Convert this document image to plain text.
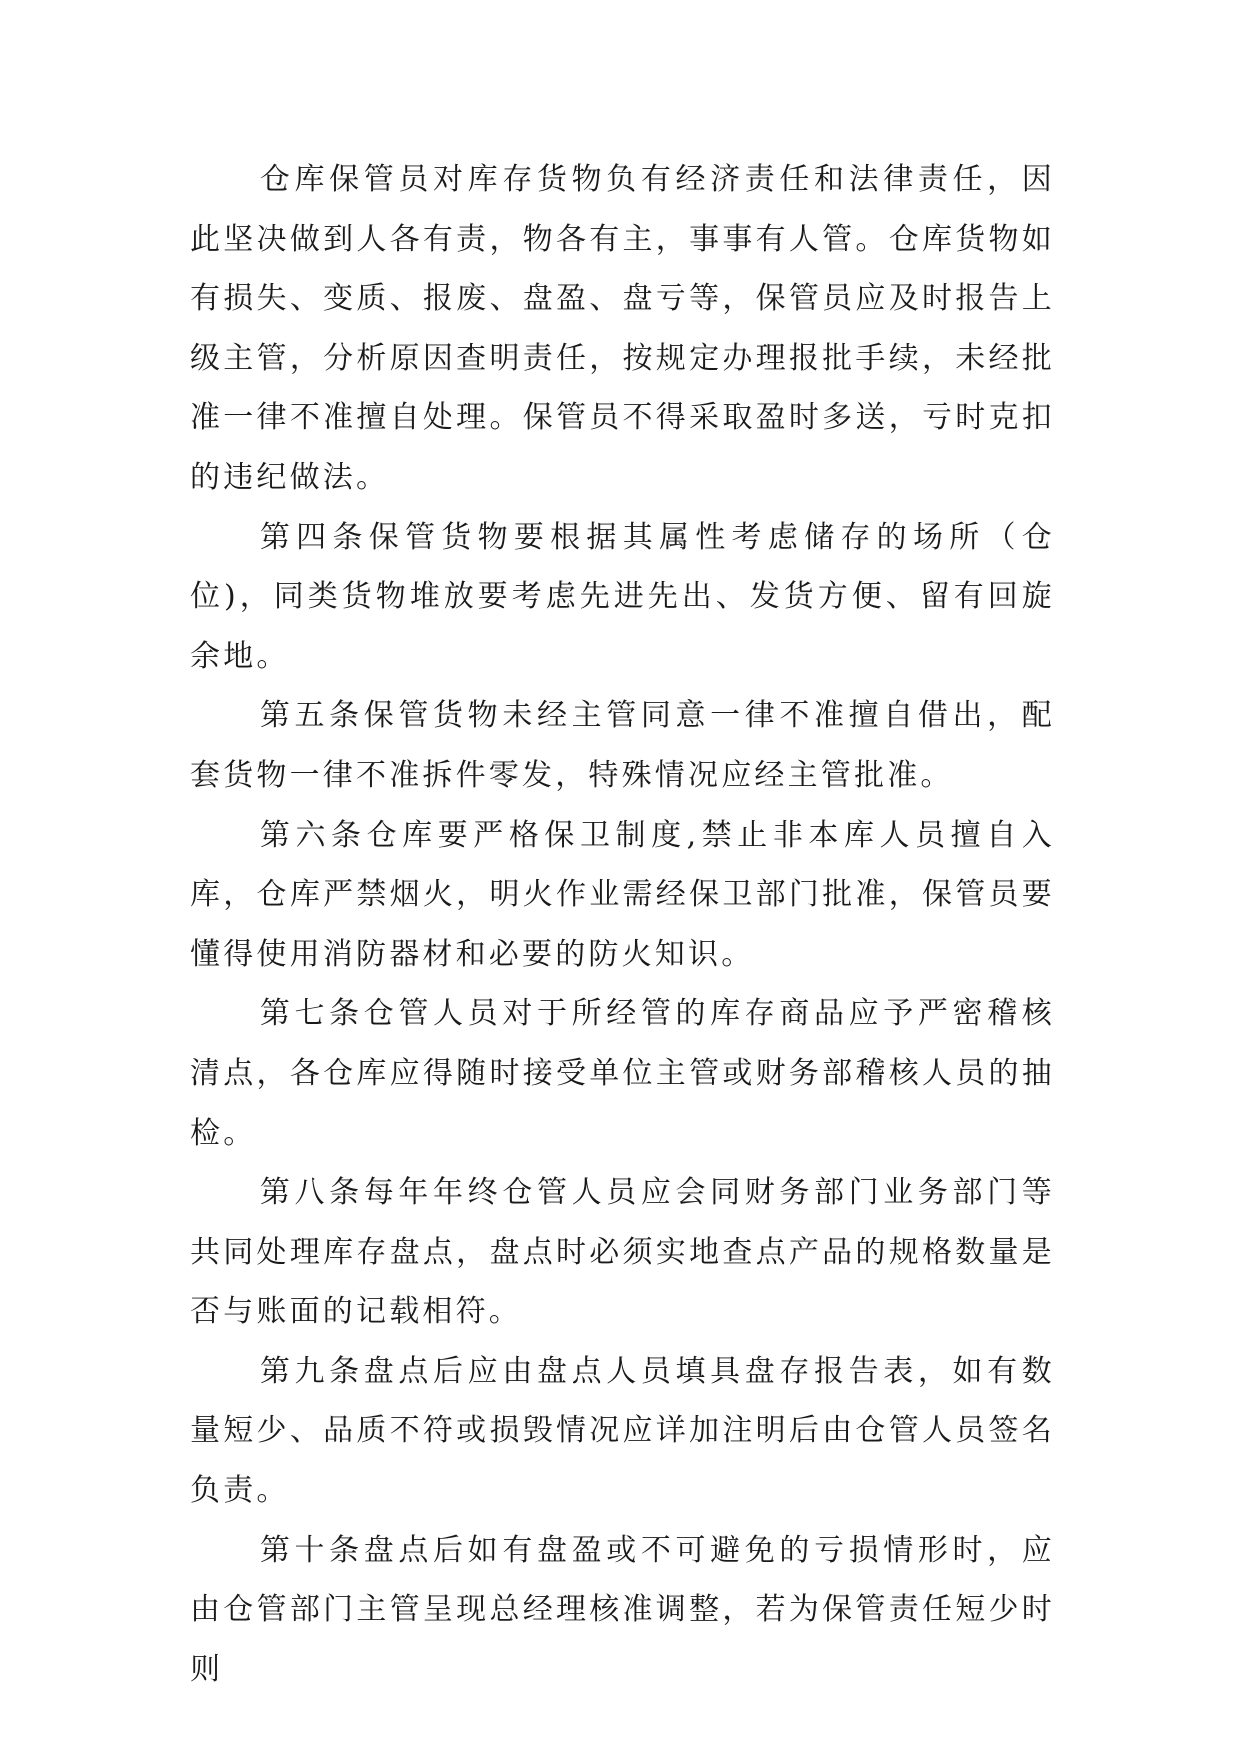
仓库保管员对库存货物负有经济责任和法律责任，因此坚决做到人各有责，物各有主，事事有人管。仓库货物如有损失、变质、报废、盘盈、盘亏等，保管员应及时报告上级主管，分析原因查明责任，按规定办理报批手续，未经批准一律不准擅自处理。保管员不得采取盈时多送，亏时克扣的违纪做法。

第四条保管货物要根据其属性考虑储存的场所（仓位)，同类货物堆放要考虑先进先出、发货方便、留有回旋余地。

第五条保管货物未经主管同意一律不准擅自借出，配套货物一律不准拆件零发，特殊情况应经主管批准。

第六条仓库要严格保卫制度,禁止非本库人员擅自入库，仓库严禁烟火，明火作业需经保卫部门批准，保管员要懂得使用消防器材和必要的防火知识。

第七条仓管人员对于所经管的库存商品应予严密稽核清点，各仓库应得随时接受单位主管或财务部稽核人员的抽检。

第八条每年年终仓管人员应会同财务部门业务部门等共同处理库存盘点，盘点时必须实地查点产品的规格数量是否与账面的记载相符。

第九条盘点后应由盘点人员填具盘存报告表，如有数量短少、品质不符或损毁情况应详加注明后由仓管人员签名负责。

第十条盘点后如有盘盈或不可避免的亏损情形时，应由仓管部门主管呈现总经理核准调整，若为保管责任短少时则
